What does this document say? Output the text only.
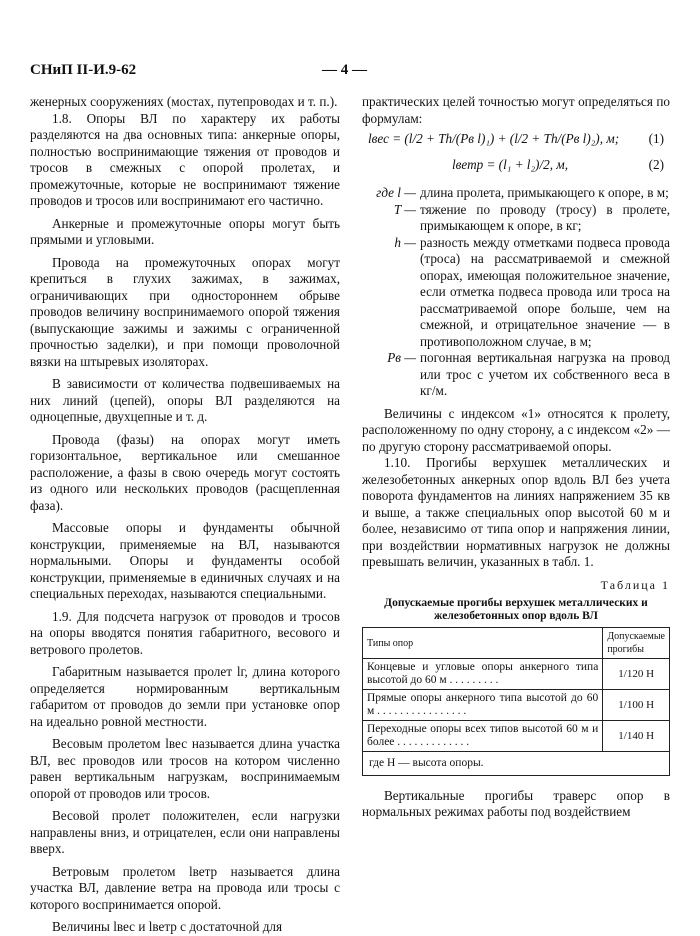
СНиП II-И.9-62	— 4 —

женерных сооружениях (мостах, путепроводах и т. п.).

1.8. Опоры ВЛ по характеру их работы разделяются на два основных типа: анкерные опоры, полностью воспринимающие тяжения от проводов и тросов в смежных с опорой пролетах, и промежуточные, которые не воспринимают тяжение проводов и тросов или воспринимают его частично.

Анкерные и промежуточные опоры могут быть прямыми и угловыми.

Провода на промежуточных опорах могут крепиться в глухих зажимах, в зажимах, ограничивающих при одностороннем обрыве проводов величину воспринимаемого опорой тяжения (выпускающие зажимы и зажимы с ограниченной прочностью заделки), и при помощи проволочной вязки на штыревых изоляторах.

В зависимости от количества подвешиваемых на них линий (цепей), опоры ВЛ разделяются на одноцепные, двухцепные и т. д.

Провода (фазы) на опорах могут иметь горизонтальное, вертикальное или смешанное расположение, а фазы в свою очередь могут состоять из одного или нескольких проводов (расщепленная фаза).

Массовые опоры и фундаменты обычной конструкции, применяемые на ВЛ, называются нормальными. Опоры и фундаменты особой конструкции, применяемые в единичных случаях и на специальных переходах, называются специальными.

1.9. Для подсчета нагрузок от проводов и тросов на опоры вводятся понятия габаритного, весового и ветрового пролетов.

Габаритным называется пролет lг, длина которого определяется нормированным вертикальным габаритом от проводов до земли при установке опор на идеально ровной местности.

Весовым пролетом lвес называется длина участка ВЛ, вес проводов или тросов на котором численно равен вертикальным нагрузкам, воспринимаемым опорой от проводов или тросов.

Весовой пролет положителен, если нагрузки направлены вниз, и отрицателен, если они направлены вверх.

Ветровым пролетом lветр называется длина участка ВЛ, давление ветра на провода или тросы с которого воспринимается опорой.

Величины lвес и lветр с достаточной для

практических целей точностью могут определяться по формулам:

lвес = (l/2 + Th/(Pв l)₁) + (l/2 + Th/(Pв l)₂), м; (1)
lветр = (l₁ + l₂)/2, м,	(2)
где l — длина пролета, примыкающего к опоре, в м;
T — тяжение по проводу (тросу) в пролете, примыкающем к опоре, в кг;
h — разность между отметками подвеса провода (троса) на рассматриваемой и смежной опорах, имеющая положительное значение, если отметка подвеса провода или троса на рассматриваемой опоре больше, чем на смежной, и отрицательное значение — в противоположном случае, в м;
Pв — погонная вертикальная нагрузка на провод или трос с учетом их собственного веса в кг/м.

Величины с индексом «1» относятся к пролету, расположенному по одну сторону, а с индексом «2» — по другую сторону рассматриваемой опоры.

1.10. Прогибы верхушек металлических и железобетонных анкерных опор вдоль ВЛ без учета поворота фундаментов на линиях напряжением 35 кв и выше, а также специальных опор высотой 60 м и более, независимо от типа опор и напряжения линии, при воздействии нормативных нагрузок не должны превышать величин, указанных в табл. 1.

Таблица 1
Допускаемые прогибы верхушек металлических и железобетонных опор вдоль ВЛ
Типы опор	Допускаемые прогибы
Концевые и угловые опоры анкерного типа высотой до 60 м . . . . . . . . .	1/120 H
Прямые опоры анкерного типа высотой до 60 м . . . . . . . . . . . . . . . .	1/100 H
Переходные опоры всех типов высотой 60 м и более . . . . . . . . . . . . .	1/140 H
где H — высота опоры.

Вертикальные прогибы траверс опор в нормальных режимах работы под воздействием
